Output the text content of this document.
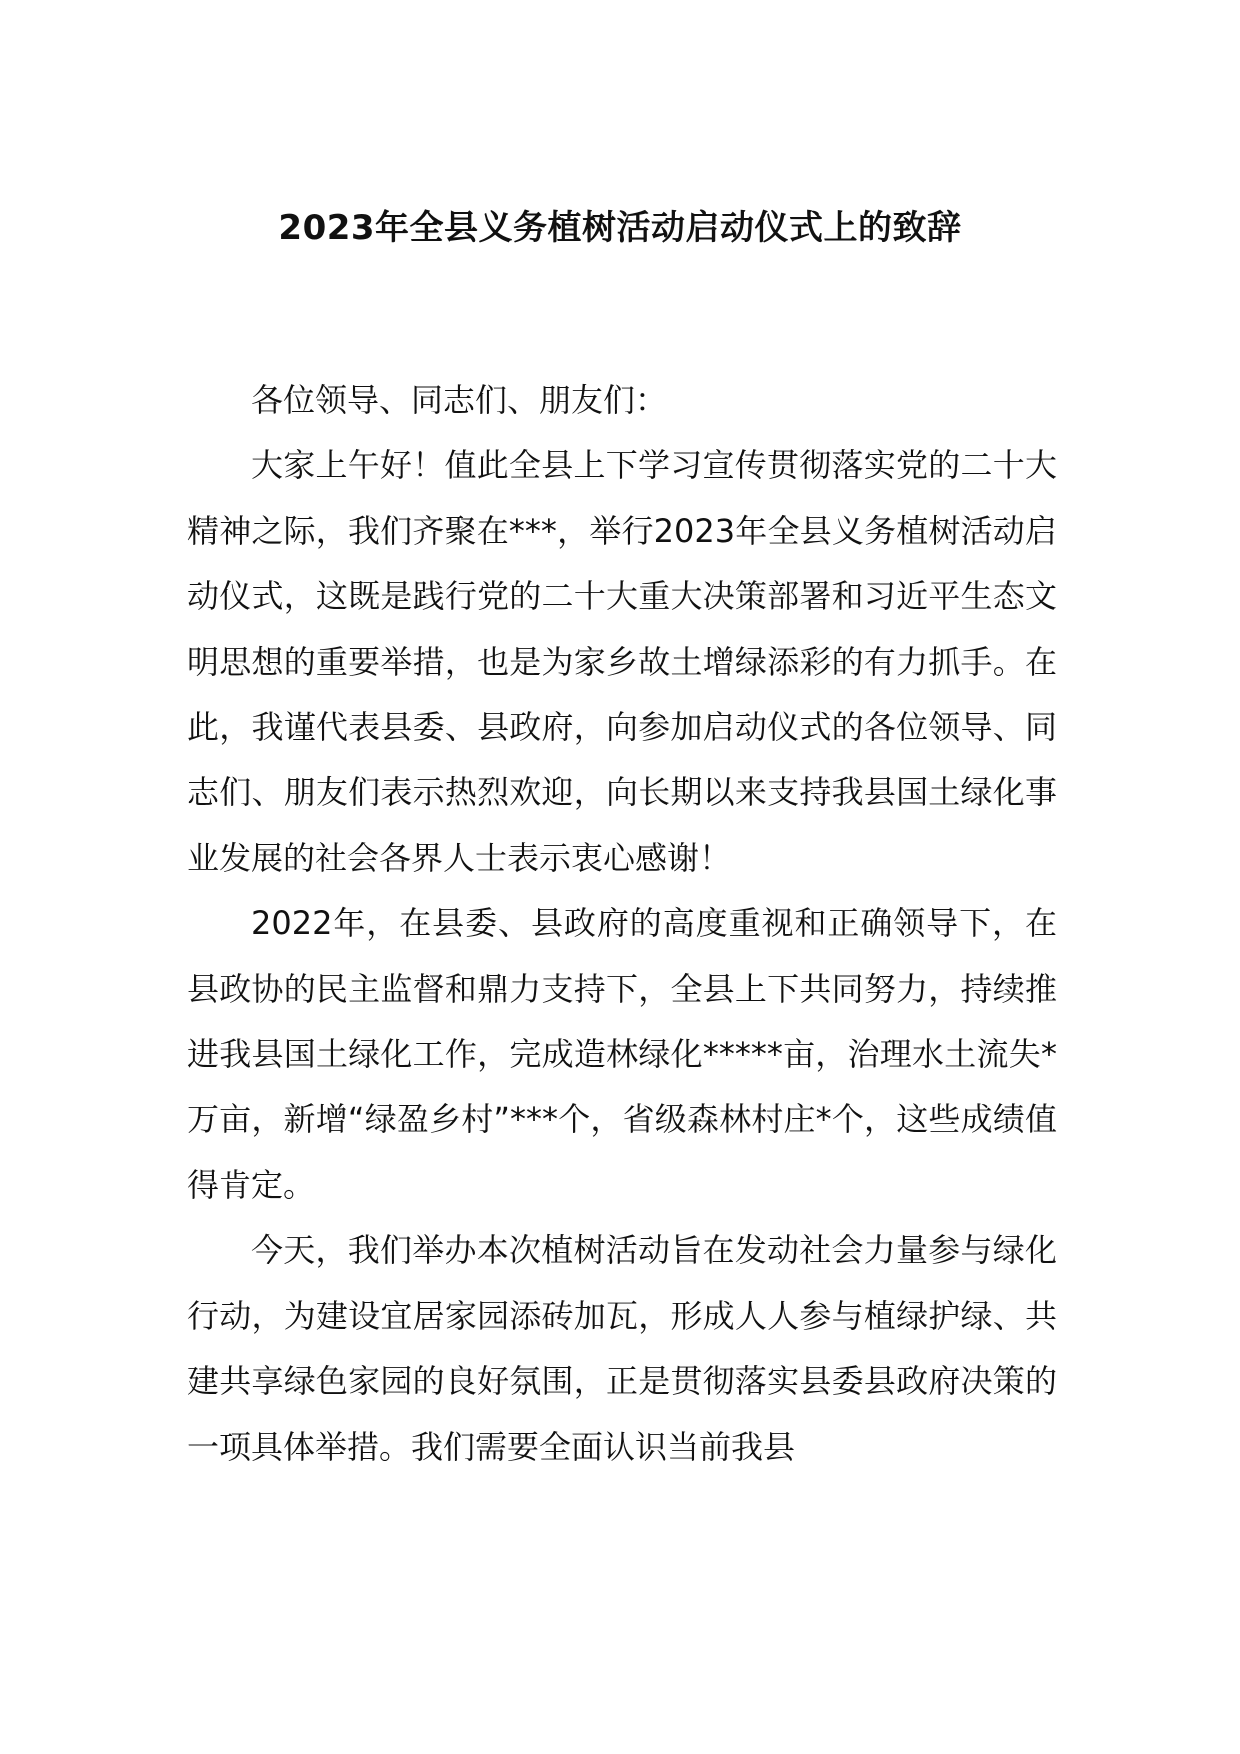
2023年全县义务植树活动启动仪式上的致辞

各位领导、同志们、朋友们：

大家上午好！值此全县上下学习宣传贯彻落实党的二十大精神之际，我们齐聚在***，举行2023年全县义务植树活动启动仪式，这既是践行党的二十大重大决策部署和习近平生态文明思想的重要举措，也是为家乡故土增绿添彩的有力抓手。在此，我谨代表县委、县政府，向参加启动仪式的各位领导、同志们、朋友们表示热烈欢迎，向长期以来支持我县国土绿化事业发展的社会各界人士表示衷心感谢！

2022年，在县委、县政府的高度重视和正确领导下，在县政协的民主监督和鼎力支持下，全县上下共同努力，持续推进我县国土绿化工作，完成造林绿化*****亩，治理水土流失*万亩，新增“绿盈乡村”***个，省级森林村庄*个，这些成绩值得肯定。

今天，我们举办本次植树活动旨在发动社会力量参与绿化行动，为建设宜居家园添砖加瓦，形成人人参与植绿护绿、共建共享绿色家园的良好氛围，正是贯彻落实县委县政府决策的一项具体举措。我们需要全面认识当前我县
